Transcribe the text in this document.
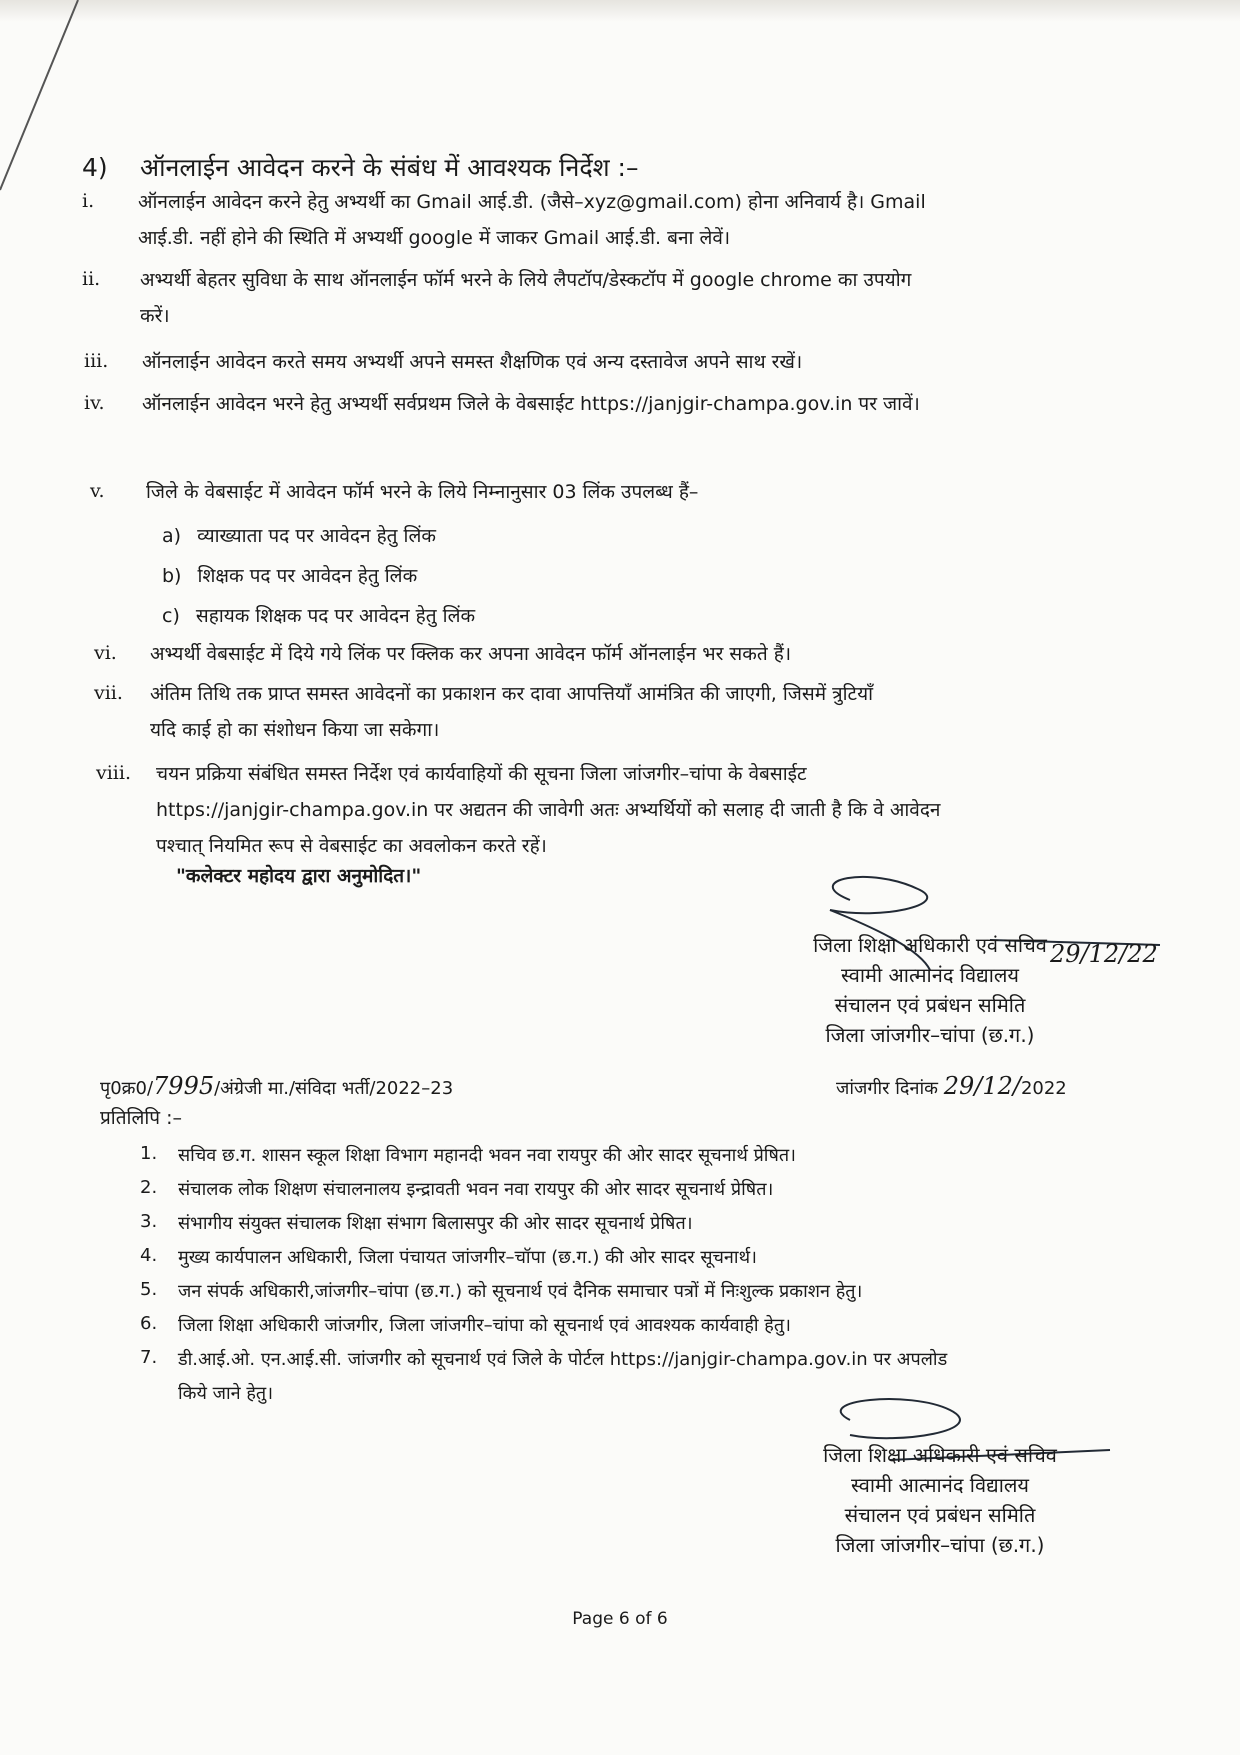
4) ऑनलाईन आवेदन करने के संबंध में आवश्यक निर्देश :–
i.	ऑनलाईन आवेदन करने हेतु अभ्यर्थी का Gmail आई.डी. (जैसे–xyz@gmail.com) होना अनिवार्य है। Gmail
आई.डी. नहीं होने की स्थिति में अभ्यर्थी google में जाकर Gmail आई.डी. बना लेवें।
ii.	अभ्यर्थी बेहतर सुविधा के साथ ऑनलाईन फॉर्म भरने के लिये लैपटॉप/डेस्कटॉप में google chrome का उपयोग
करें।
iii.	ऑनलाईन आवेदन करते समय अभ्यर्थी अपने समस्त शैक्षणिक एवं अन्य दस्तावेज अपने साथ रखें।
iv.	ऑनलाईन आवेदन भरने हेतु अभ्यर्थी सर्वप्रथम जिले के वेबसाईट https://janjgir-champa.gov.in पर जावें।
v.	जिले के वेबसाईट में आवेदन फॉर्म भरने के लिये निम्नानुसार 03 लिंक उपलब्ध हैं–
a) व्याख्याता पद पर आवेदन हेतु लिंक
b) शिक्षक पद पर आवेदन हेतु लिंक
c) सहायक शिक्षक पद पर आवेदन हेतु लिंक
vi.	अभ्यर्थी वेबसाईट में दिये गये लिंक पर क्लिक कर अपना आवेदन फॉर्म ऑनलाईन भर सकते हैं।
vii.	अंतिम तिथि तक प्राप्त समस्त आवेदनों का प्रकाशन कर दावा आपत्तियाँ आमंत्रित की जाएगी, जिसमें त्रुटियाँ
यदि काई हो का संशोधन किया जा सकेगा।
viii.	चयन प्रक्रिया संबंधित समस्त निर्देश एवं कार्यवाहियों की सूचना जिला जांजगीर–चांपा के वेबसाईट
https://janjgir-champa.gov.in पर अद्यतन की जावेगी अतः अभ्यर्थियों को सलाह दी जाती है कि वे आवेदन
पश्चात् नियमित रूप से वेबसाईट का अवलोकन करते रहें।
"कलेक्टर महोदय द्वारा अनुमोदित।"
जिला शिक्षा अधिकारी एवं सचिव
स्वामी आत्मानंद विद्यालय
संचालन एवं प्रबंधन समिति
जिला जांजगीर–चांपा (छ.ग.)
29/12/22
पृ0क्र0/7995/अंग्रेजी मा./संविदा भर्ती/2022–23	जांजगीर दिनांक 29/12/2022
प्रतिलिपि :–
1.	सचिव छ.ग. शासन स्कूल शिक्षा विभाग महानदी भवन नवा रायपुर की ओर सादर सूचनार्थ प्रेषित।
2.	संचालक लोक शिक्षण संचालनालय इन्द्रावती भवन नवा रायपुर की ओर सादर सूचनार्थ प्रेषित।
3.	संभागीय संयुक्त संचालक शिक्षा संभाग बिलासपुर की ओर सादर सूचनार्थ प्रेषित।
4.	मुख्य कार्यपालन अधिकारी, जिला पंचायत जांजगीर–चॉपा (छ.ग.) की ओर सादर सूचनार्थ।
5.	जन संपर्क अधिकारी,जांजगीर–चांपा (छ.ग.) को सूचनार्थ एवं दैनिक समाचार पत्रों में निःशुल्क प्रकाशन हेतु।
6.	जिला शिक्षा अधिकारी जांजगीर, जिला जांजगीर–चांपा को सूचनार्थ एवं आवश्यक कार्यवाही हेतु।
7.	डी.आई.ओ. एन.आई.सी. जांजगीर को सूचनार्थ एवं जिले के पोर्टल https://janjgir-champa.gov.in पर अपलोड
किये जाने हेतु।
जिला शिक्षा अधिकारी एवं सचिव
स्वामी आत्मानंद विद्यालय
संचालन एवं प्रबंधन समिति
जिला जांजगीर–चांपा (छ.ग.)
Page 6 of 6
